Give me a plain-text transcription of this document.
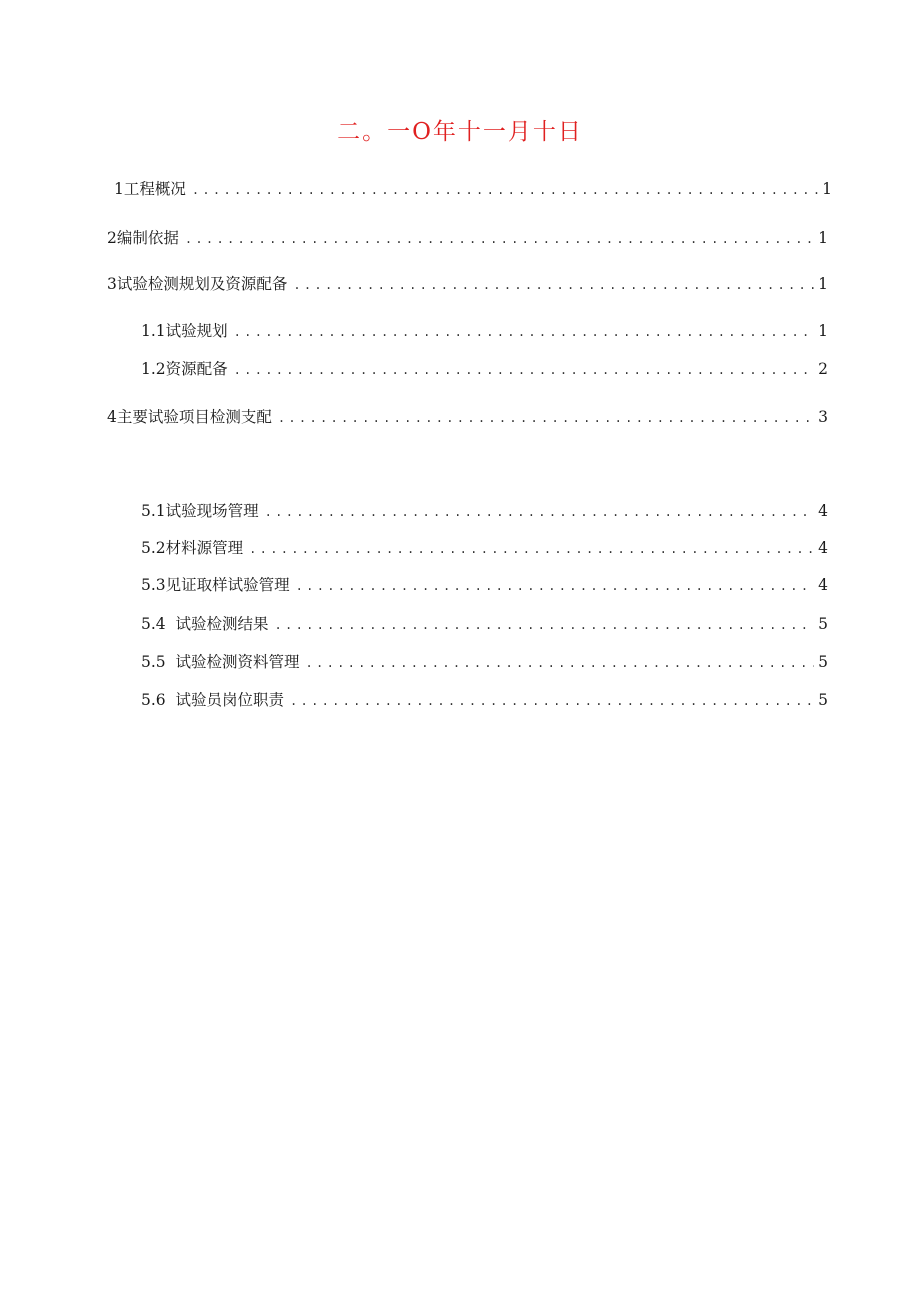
二。一O年十一月十日
1工程概况 .....	1
2编制依据 .....	1
3试验检测规划及资源配备 .....	1
1.1试验规划 .....	1
1.2资源配备 .....	2
4主要试验项目检测支配 .....	3
5.1试验现场管理 .....	4
5.2材料源管理 .....	4
5.3见证取样试验管理 .....	4
5.4  试验检测结果 .....	5
5.5  试验检测资料管理 .....	5
5.6  试验员岗位职责 .....	5
